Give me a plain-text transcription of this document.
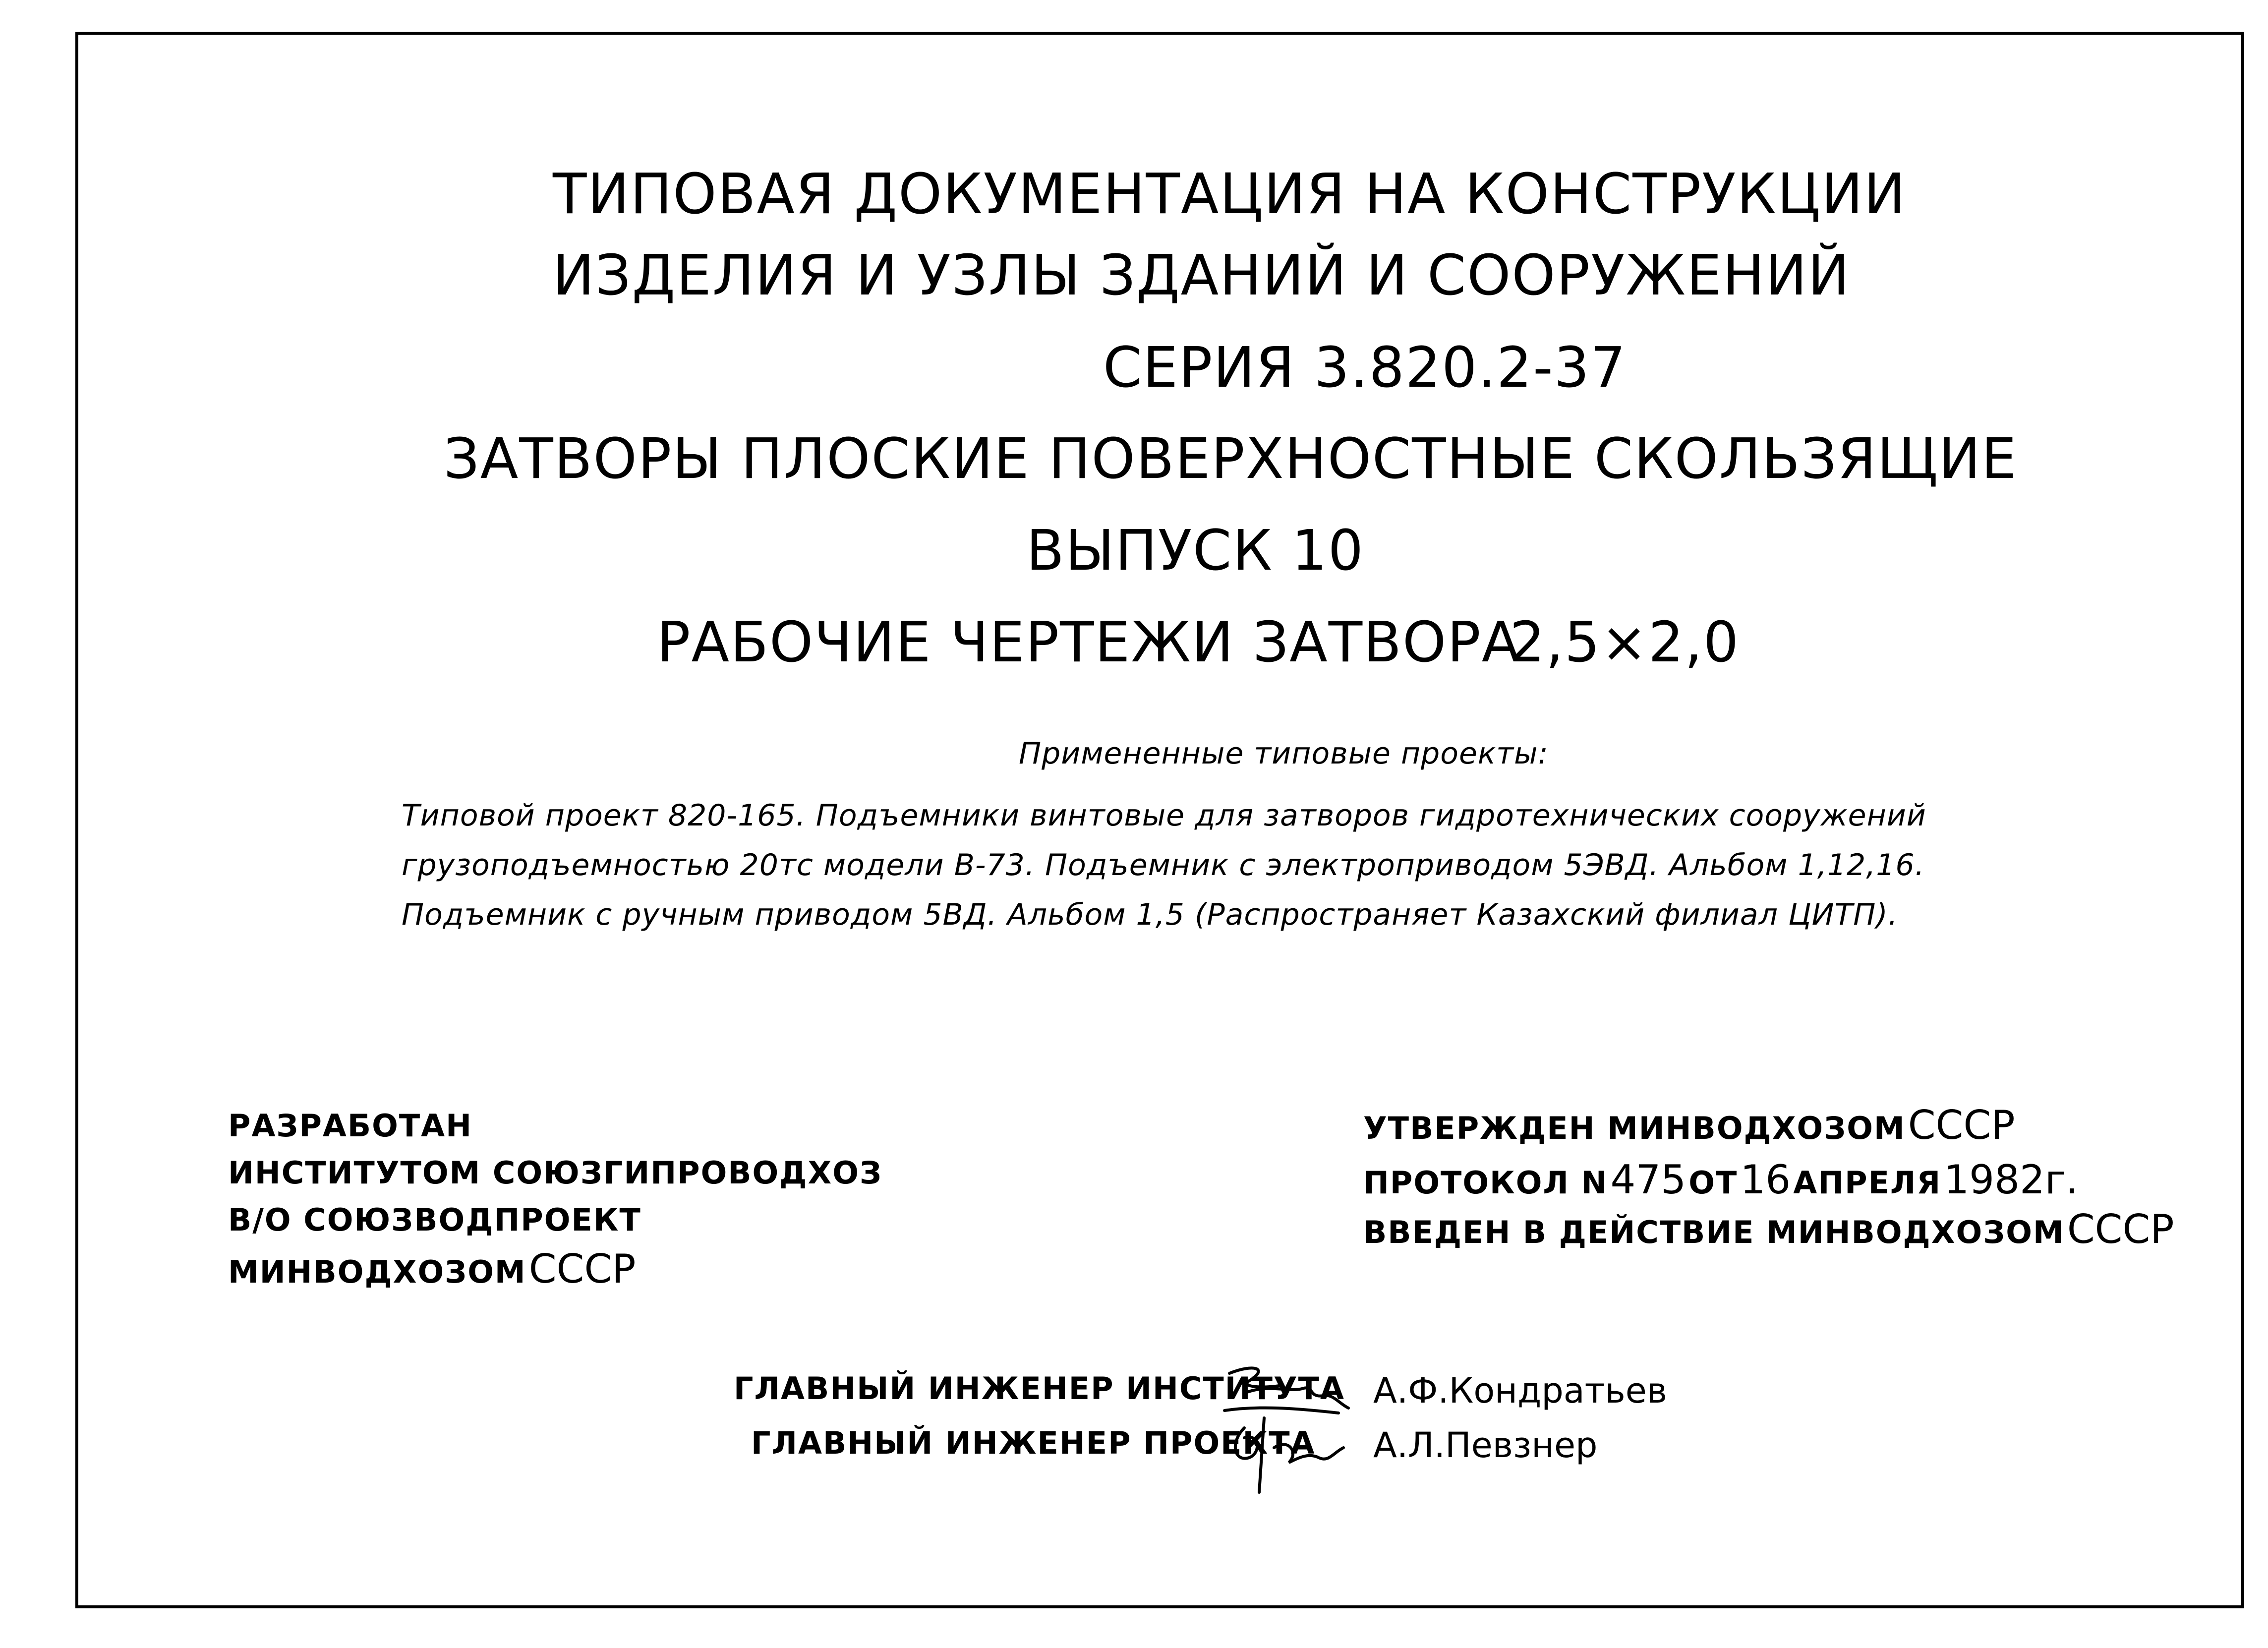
ТИПОВАЯ ДОКУМЕНТАЦИЯ НА КОНСТРУКЦИИ
ИЗДЕЛИЯ И УЗЛЫ ЗДАНИЙ И СООРУЖЕНИЙ
СЕРИЯ 3.820.2-37
ЗАТВОРЫ ПЛОСКИЕ ПОВЕРХНОСТНЫЕ СКОЛЬЗЯЩИЕ
ВЫПУСК 10
РАБОЧИЕ ЧЕРТЕЖИ ЗАТВОРА
2,5×2,0
Примененные типовые проекты:
Типовой проект 820-165. Подъемники винтовые для затворов гидротехнических сооружений
грузоподъемностью 20тс модели В-73. Подъемник с электроприводом 5ЭВД. Альбом 1,12,16.
Подъемник с ручным приводом 5ВД. Альбом 1,5 (Распространяет Казахский филиал ЦИТП).
РАЗРАБОТАН
ИНСТИТУТОМ СОЮЗГИПРОВОДХОЗ
В/О СОЮЗВОДПРОЕКТ
МИНВОДХОЗОМ СССР
УТВЕРЖДЕН МИНВОДХОЗОМ СССР
ПРОТОКОЛ N 475 ОТ 16 АПРЕЛЯ 1982г.
ВВЕДЕН В ДЕЙСТВИЕ МИНВОДХОЗОМ СССР
ГЛАВНЫЙ ИНЖЕНЕР ИНСТИТУТА А.Ф.Кондратьев
ГЛАВНЫЙ ИНЖЕНЕР ПРОЕКТА А.Л.Певзнер
